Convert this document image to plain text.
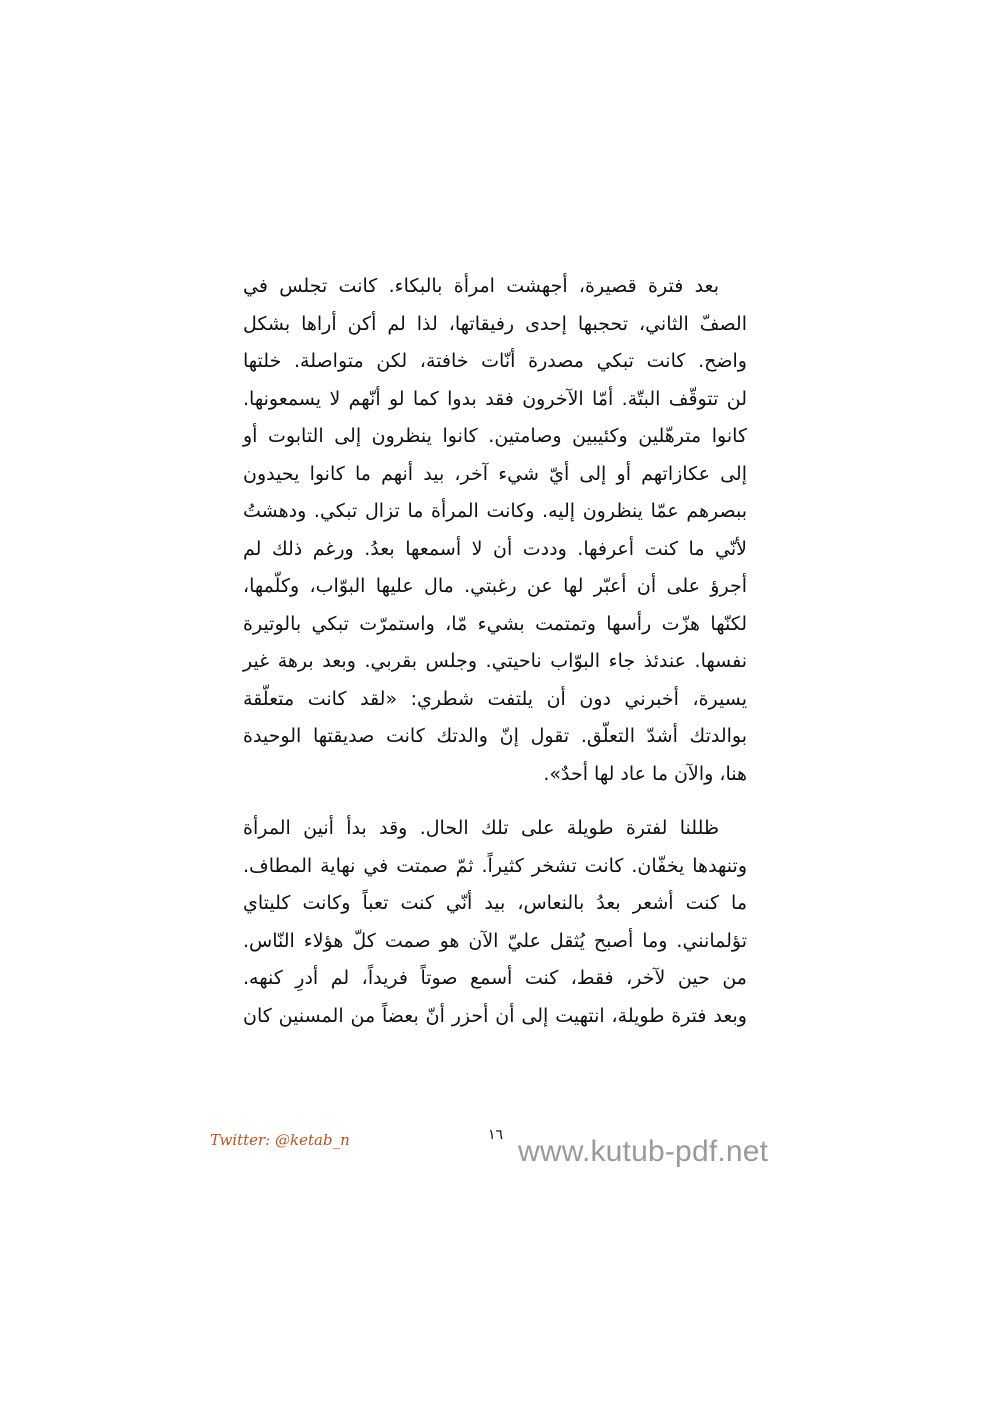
بعد فترة قصيرة، أجهشت امرأة بالبكاء. كانت تجلس في
الصفّ الثاني، تحجبها إحدى رفيقاتها، لذا لم أكن أراها بشكل
واضح. كانت تبكي مصدرة أنّات خافتة، لكن متواصلة. خلتها
لن تتوقّف البتّة. أمّا الآخرون فقد بدوا كما لو أنّهم لا يسمعونها.
كانوا مترهّلين وكئيبين وصامتين. كانوا ينظرون إلى التابوت أو
إلى عكازاتهم أو إلى أيّ شيء آخر، بيد أنهم ما كانوا يحيدون
ببصرهم عمّا ينظرون إليه. وكانت المرأة ما تزال تبكي. ودهشتُ
لأنّي ما كنت أعرفها. وددت أن لا أسمعها بعدُ. ورغم ذلك لم
أجرؤ على أن أعبّر لها عن رغبتي. مال عليها البوّاب، وكلّمها،
لكنّها هزّت رأسها وتمتمت بشيء مّا، واستمرّت تبكي بالوتيرة
نفسها. عندئذ جاء البوّاب ناحيتي. وجلس بقربي. وبعد برهة غير
يسيرة، أخبرني دون أن يلتفت شطري: «لقد كانت متعلّقة
بوالدتك أشدّ التعلّق. تقول إنّ والدتك كانت صديقتها الوحيدة
هنا، والآن ما عاد لها أحدٌ».

ظللنا لفترة طويلة على تلك الحال. وقد بدأ أنين المرأة
وتنهدها يخفّان. كانت تشخر كثيراً. ثمّ صمتت في نهاية المطاف.
ما كنت أشعر بعدُ بالنعاس، بيد أنّي كنت تعباً وكانت كليتاي
تؤلمانني. وما أصبح يُثقل عليّ الآن هو صمت كلّ هؤلاء النّاس.
من حين لآخر، فقط، كنت أسمع صوتاً فريداً، لم أدرِ كنهه.
وبعد فترة طويلة، انتهيت إلى أن أحزر أنّ بعضاً من المسنين كان

Twitter: @ketab_n	١٦ www.kutub-pdf.net
